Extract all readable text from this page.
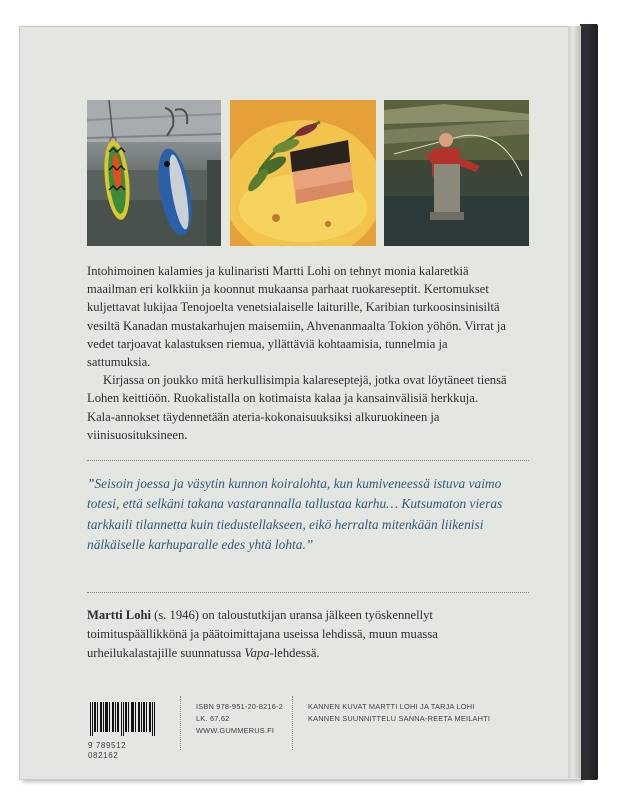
Intohimoinen kalamies ja kulinaristi Martti Lohi on tehnyt monia kalaretkiä maailman eri kolkkiin ja koonnut mukaansa parhaat ruokareseptit. Kertomukset kuljettavat lukijaa Tenojoelta venetsialaiselle laiturille, Karibian turkoosinsinisiltä vesiltä Kanadan mustakarhujen maisemiin, Ahvenanmaalta Tokion yöhön. Virrat ja vedet tarjoavat kalastuksen riemua, yllättäviä kohtaamisia, tunnelmia ja sattumuksia.

Kirjassa on joukko mitä herkullisimpia kalareseptejä, jotka ovat löytäneet tiensä Lohen keittiöön. Ruokalistalla on kotimaista kalaa ja kansainvälisiä herkkuja. Kala-annokset täydennetään ateria-kokonaisuuksiksi alkuruokineen ja viinisuosituksineen.

”Seisoin joessa ja väsytin kunnon koiralohta, kun kumiveneessä istuva vaimo totesi, että selkäni takana vastarannalla tallustaa karhu… Kutsumaton vieras tarkkaili tilannetta kuin tiedustellakseen, eikö herralta mitenkään liikenisi nälkäiselle karhuparalle edes yhtä lohta.”

Martti Lohi (s. 1946) on taloustutkijan uransa jälkeen työskennellyt toimituspäällikkönä ja päätoimittajana useissa lehdissä, muun muassa urheilukalastajille suunnatussa Vapa-lehdessä.

9 789512 082162
ISBN 978-951-20-8216-2
LK. 67.62
WWW.GUMMERUS.FI
KANNEN KUVAT MARTTI LOHI JA TARJA LOHI
KANNEN SUUNNITTELU SANNA-REETA MEILAHTI
